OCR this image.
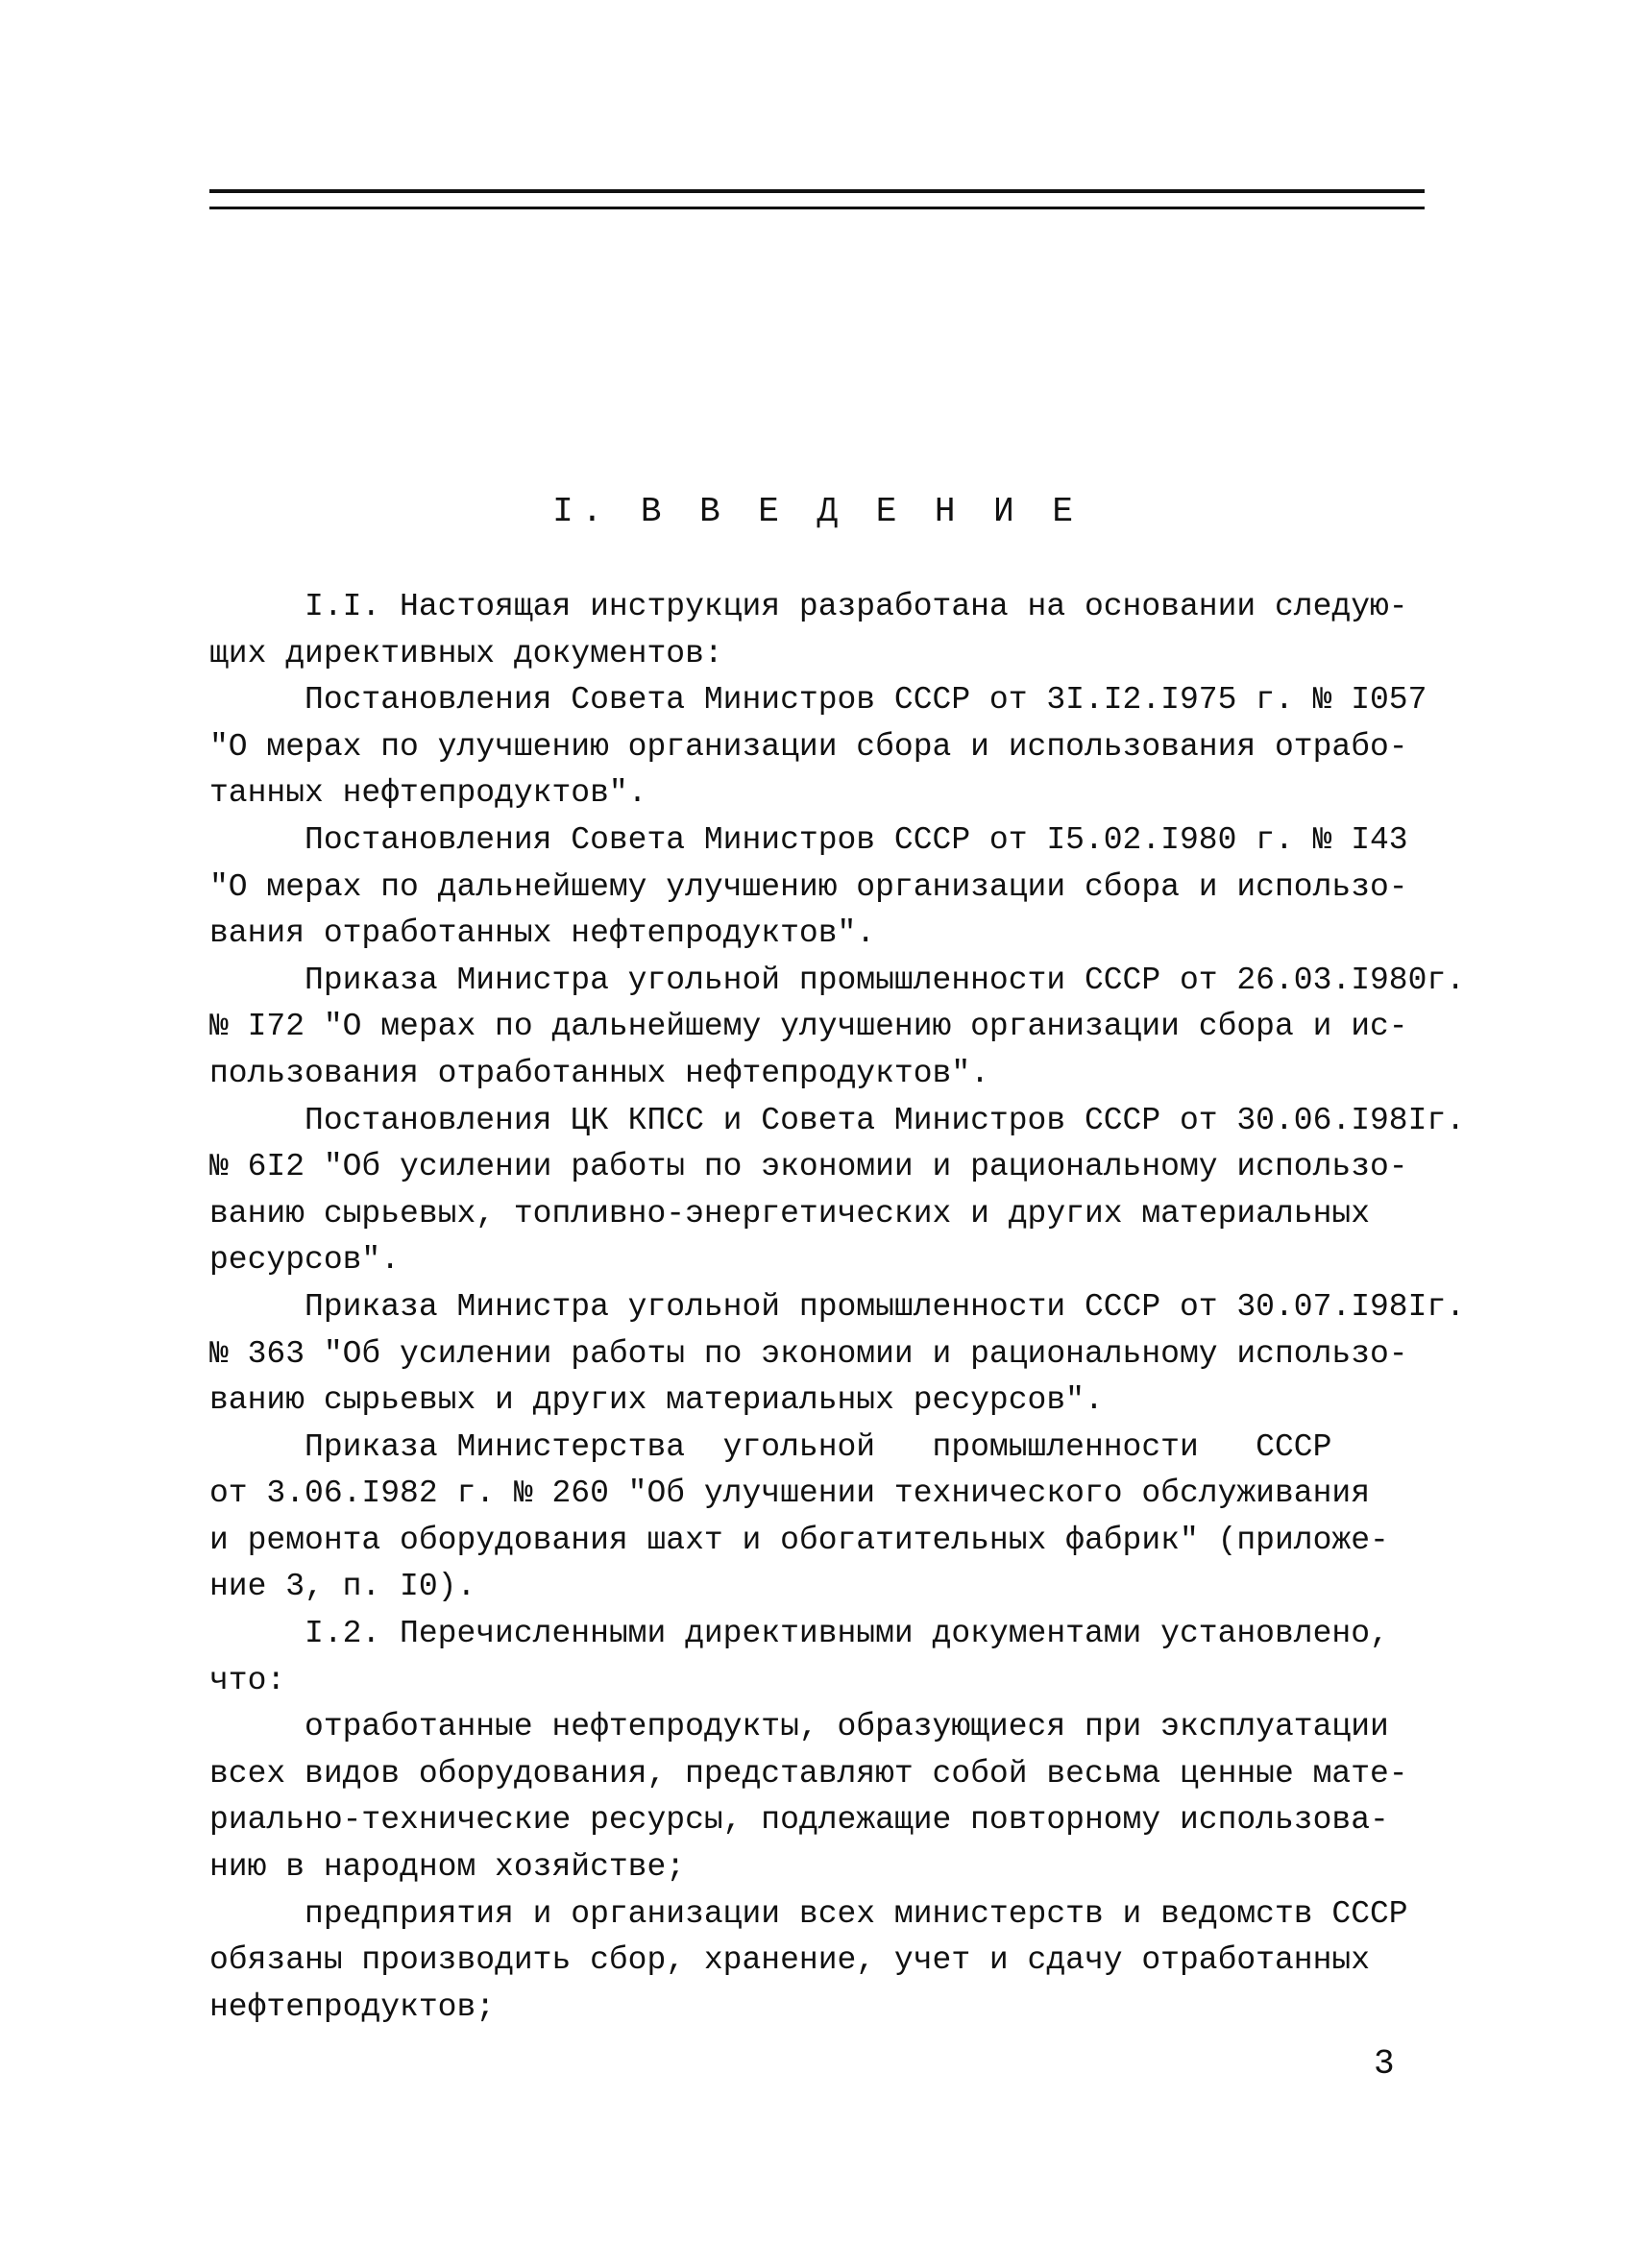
I. В В Е Д Е Н И Е
I.I. Настоящая инструкция разработана на основании следую-
щих директивных документов:
Постановления Совета Министров СССР от 3I.I2.I975 г. № I057
"О мерах по улучшению организации сбора и использования отрабо-
танных нефтепродуктов".
Постановления Совета Министров СССР от I5.02.I980 г. № I43
"О мерах по дальнейшему улучшению организации сбора и использо-
вания отработанных нефтепродуктов".
Приказа Министра угольной промышленности СССР от 26.03.I980г.
№ I72 "О мерах по дальнейшему улучшению организации сбора и ис-
пользования отработанных нефтепродуктов".
Постановления ЦК КПСС и Совета Министров СССР от 30.06.I98Iг.
№ 6I2 "Об усилении работы по экономии и рациональному использо-
ванию сырьевых, топливно-энергетических и других материальных
ресурсов".
Приказа Министра угольной промышленности СССР от 30.07.I98Iг.
№ 363 "Об усилении работы по экономии и рациональному использо-
ванию сырьевых и других материальных ресурсов".
Приказа Министерства  угольной   промышленности   СССР
от 3.06.I982 г. № 260 "Об улучшении технического обслуживания
и ремонта оборудования шахт и обогатительных фабрик" (приложе-
ние 3, п. I0).
I.2. Перечисленными директивными документами установлено,
что:
отработанные нефтепродукты, образующиеся при эксплуатации
всех видов оборудования, представляют собой весьма ценные мате-
риально-технические ресурсы, подлежащие повторному использова-
нию в народном хозяйстве;
предприятия и организации всех министерств и ведомств СССР
обязаны производить сбор, хранение, учет и сдачу отработанных
нефтепродуктов;
3
